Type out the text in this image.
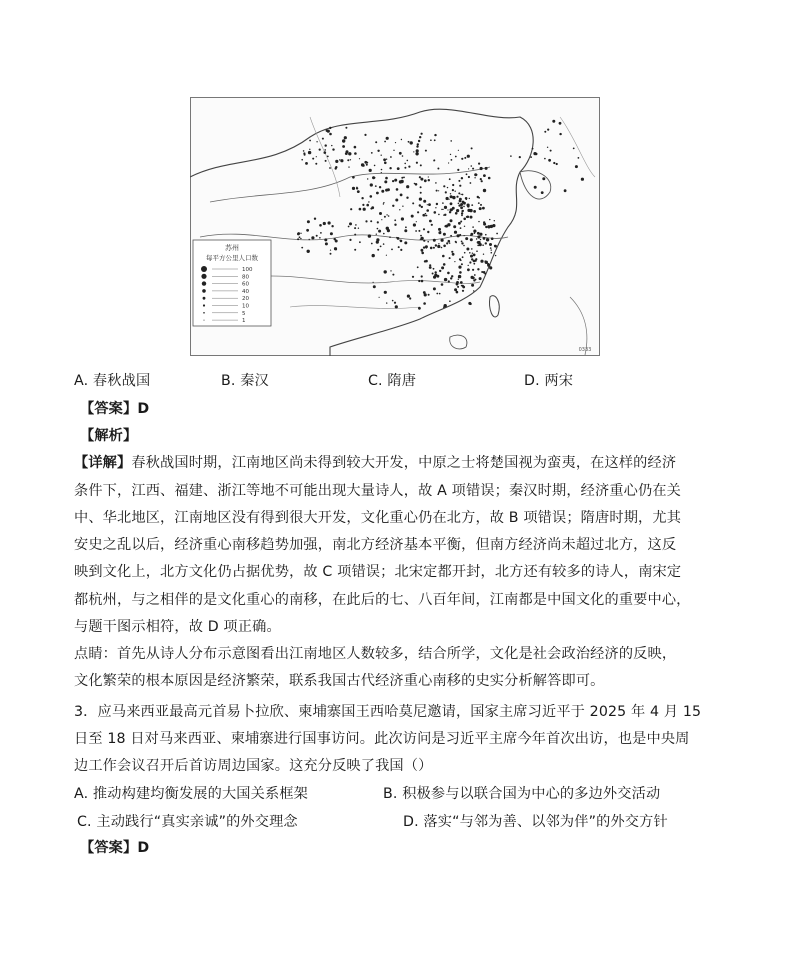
苏州
每平方公里人口数
100
80
60
40
20
10
5
1
0333
A. 春秋战国	B. 秦汉	C. 隋唐	D. 两宋
【答案】D
【解析】
【详解】春秋战国时期，江南地区尚未得到较大开发，中原之士将楚国视为蛮夷，在这样的经济
条件下，江西、福建、浙江等地不可能出现大量诗人，故 A 项错误；秦汉时期，经济重心仍在关
中、华北地区，江南地区没有得到很大开发，文化重心仍在北方，故 B 项错误；隋唐时期，尤其
安史之乱以后，经济重心南移趋势加强，南北方经济基本平衡，但南方经济尚未超过北方，这反
映到文化上，北方文化仍占据优势，故 C 项错误；北宋定都开封，北方还有较多的诗人，南宋定
都杭州，与之相伴的是文化重心的南移，在此后的七、八百年间，江南都是中国文化的重要中心，
与题干图示相符，故 D 项正确。
点睛：首先从诗人分布示意图看出江南地区人数较多，结合所学，文化是社会政治经济的反映，
文化繁荣的根本原因是经济繁荣，联系我国古代经济重心南移的史实分析解答即可。
3．应马来西亚最高元首易卜拉欣、柬埔寨国王西哈莫尼邀请，国家主席习近平于 2025 年 4 月 15
日至 18 日对马来西亚、柬埔寨进行国事访问。此次访问是习近平主席今年首次出访，也是中央周
边工作会议召开后首访周边国家。这充分反映了我国（）
A. 推动构建均衡发展的大国关系框架	B. 积极参与以联合国为中心的多边外交活动
C. 主动践行“真实亲诚”的外交理念	D. 落实“与邻为善、以邻为伴”的外交方针
【答案】D
